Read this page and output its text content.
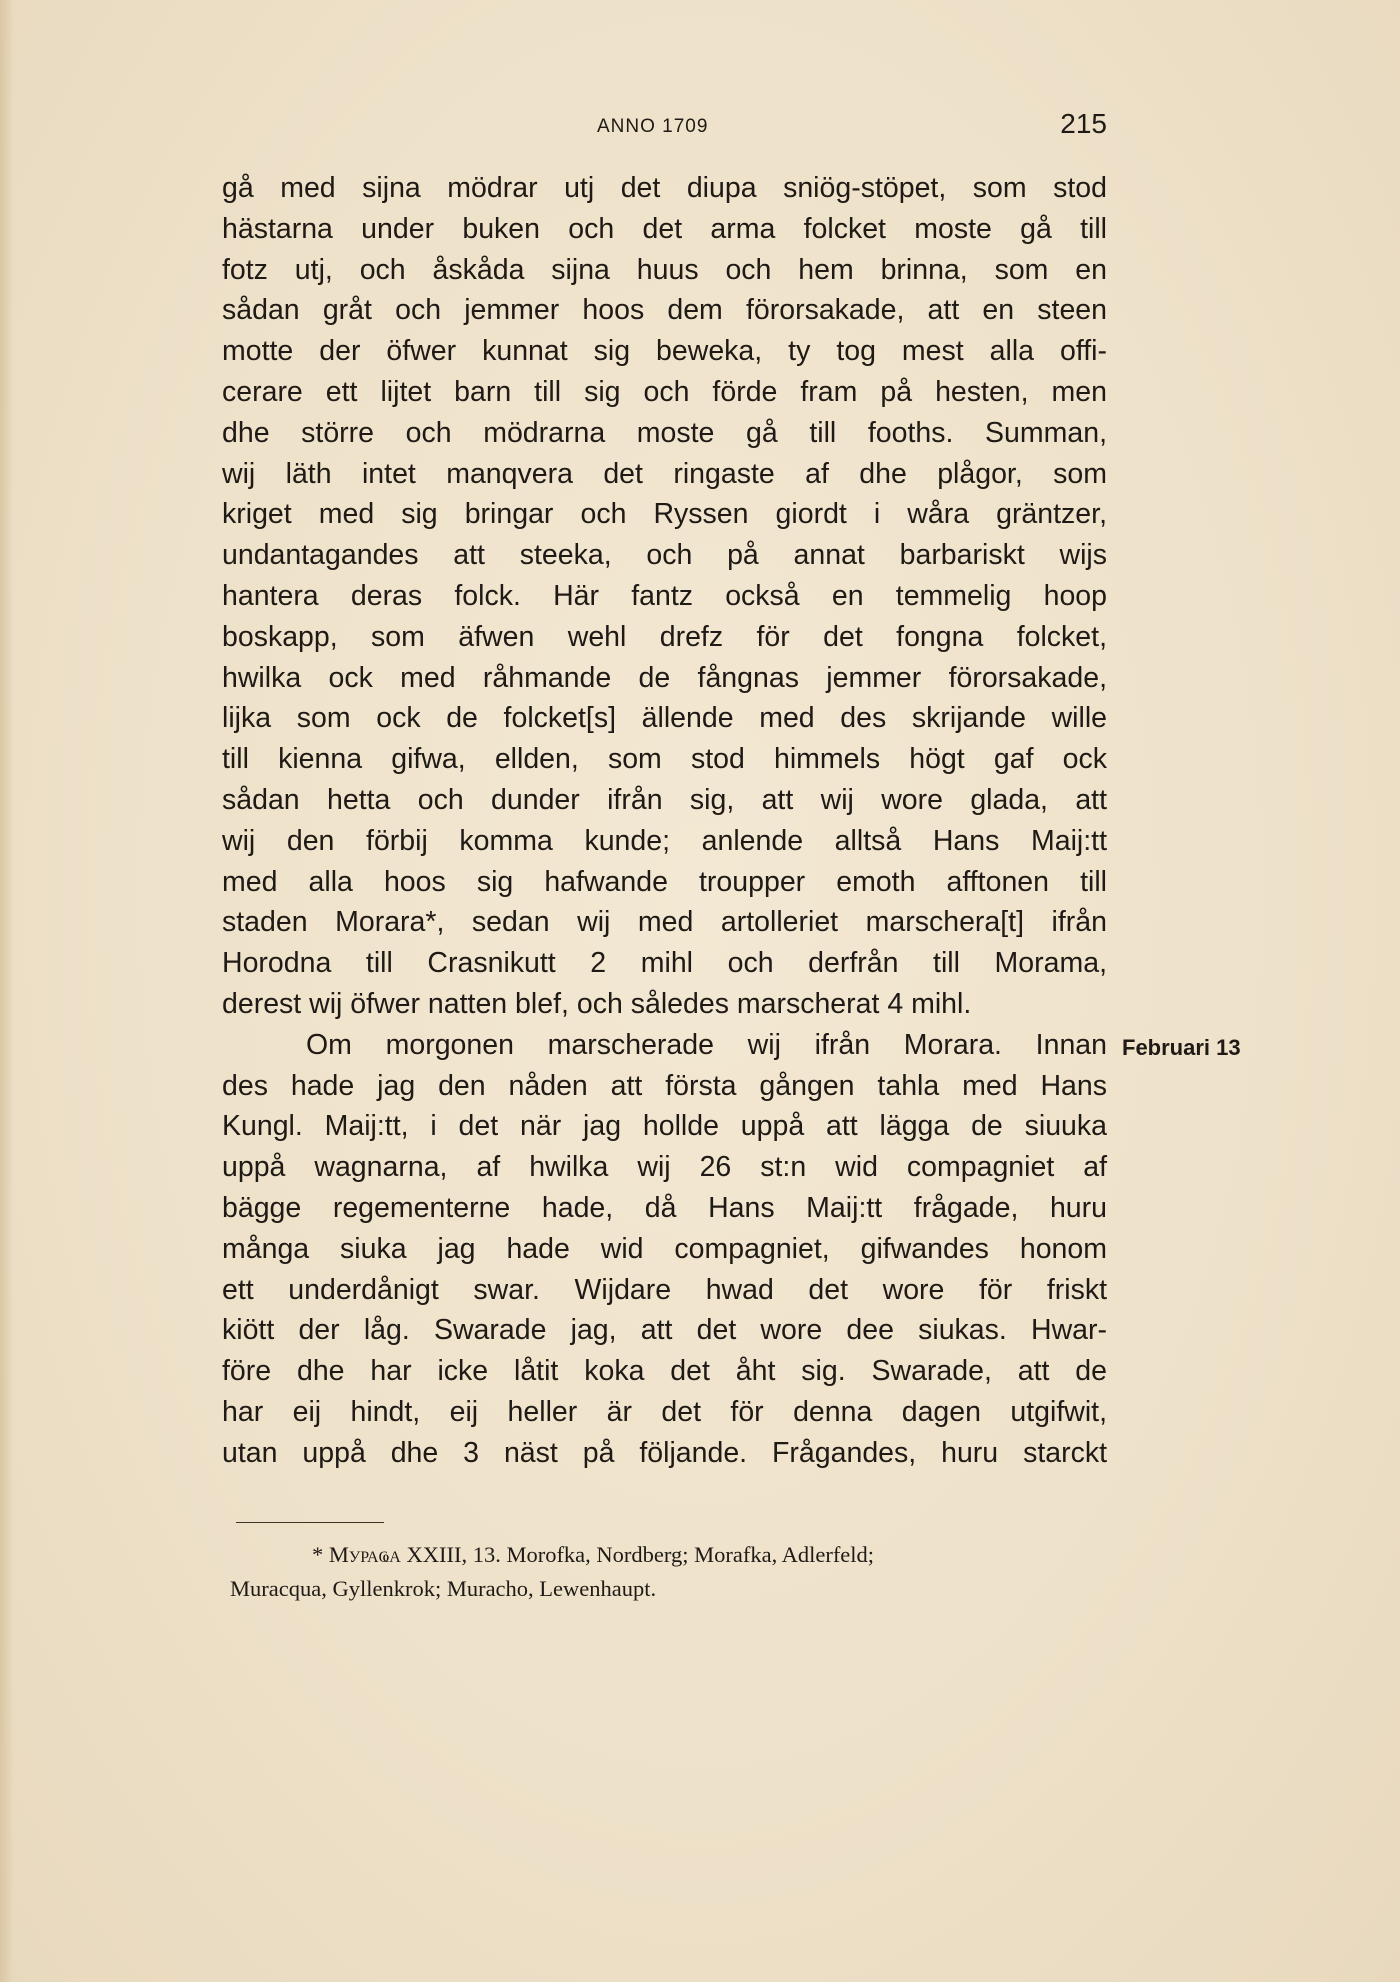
ANNO 1709	215
gå med sijna mödrar utj det diupa sniög-stöpet, som stod
hästarna under buken och det arma folcket moste gå till
fotz utj, och åskåda sijna huus och hem brinna, som en
sådan gråt och jemmer hoos dem förorsakade, att en steen
motte der öfwer kunnat sig beweka, ty tog mest alla offi-
cerare ett lijtet barn till sig och förde fram på hesten, men
dhe större och mödrarna moste gå till fooths. Summan,
wij läth intet manqvera det ringaste af dhe plågor, som
kriget med sig bringar och Ryssen giordt i wåra gräntzer,
undantagandes att steeka, och på annat barbariskt wijs
hantera deras folck. Här fantz också en temmelig hoop
boskapp, som äfwen wehl drefz för det fongna folcket,
hwilka ock med råhmande de fångnas jemmer förorsakade,
lijka som ock de folcket[s] ällende med des skrijande wille
till kienna gifwa, ellden, som stod himmels högt gaf ock
sådan hetta och dunder ifrån sig, att wij wore glada, att
wij den förbij komma kunde; anlende alltså Hans Maij:tt
med alla hoos sig hafwande troupper emoth afftonen till
staden Morara*, sedan wij med artolleriet marschera[t] ifrån
Horodna till Crasnikutt 2 mihl och derfrån till Morama,
derest wij öfwer natten blef, och således marscherat 4 mihl.
Om morgonen marscherade wij ifrån Morara. Innan
des hade jag den nåden att första gången tahla med Hans
Kungl. Maij:tt, i det när jag hollde uppå att lägga de siuuka
uppå wagnarna, af hwilka wij 26 st:n wid compagniet af
bägge regementerne hade, då Hans Maij:tt frågade, huru
många siuka jag hade wid compagniet, gifwandes honom
ett underdånigt swar. Wijdare hwad det wore för friskt
kiött der låg. Swarade jag, att det wore dee siukas. Hwar-
före dhe har icke låtit koka det åht sig. Swarade, att de
har eij hindt, eij heller är det för denna dagen utgifwit,
utan uppå dhe 3 näst på följande. Frågandes, huru starckt
Februari 13
* Мураҩа XXIII, 13. Morofka, Nordberg; Morafka, Adlerfeld;
Muracqua, Gyllenkrok; Muracho, Lewenhaupt.
